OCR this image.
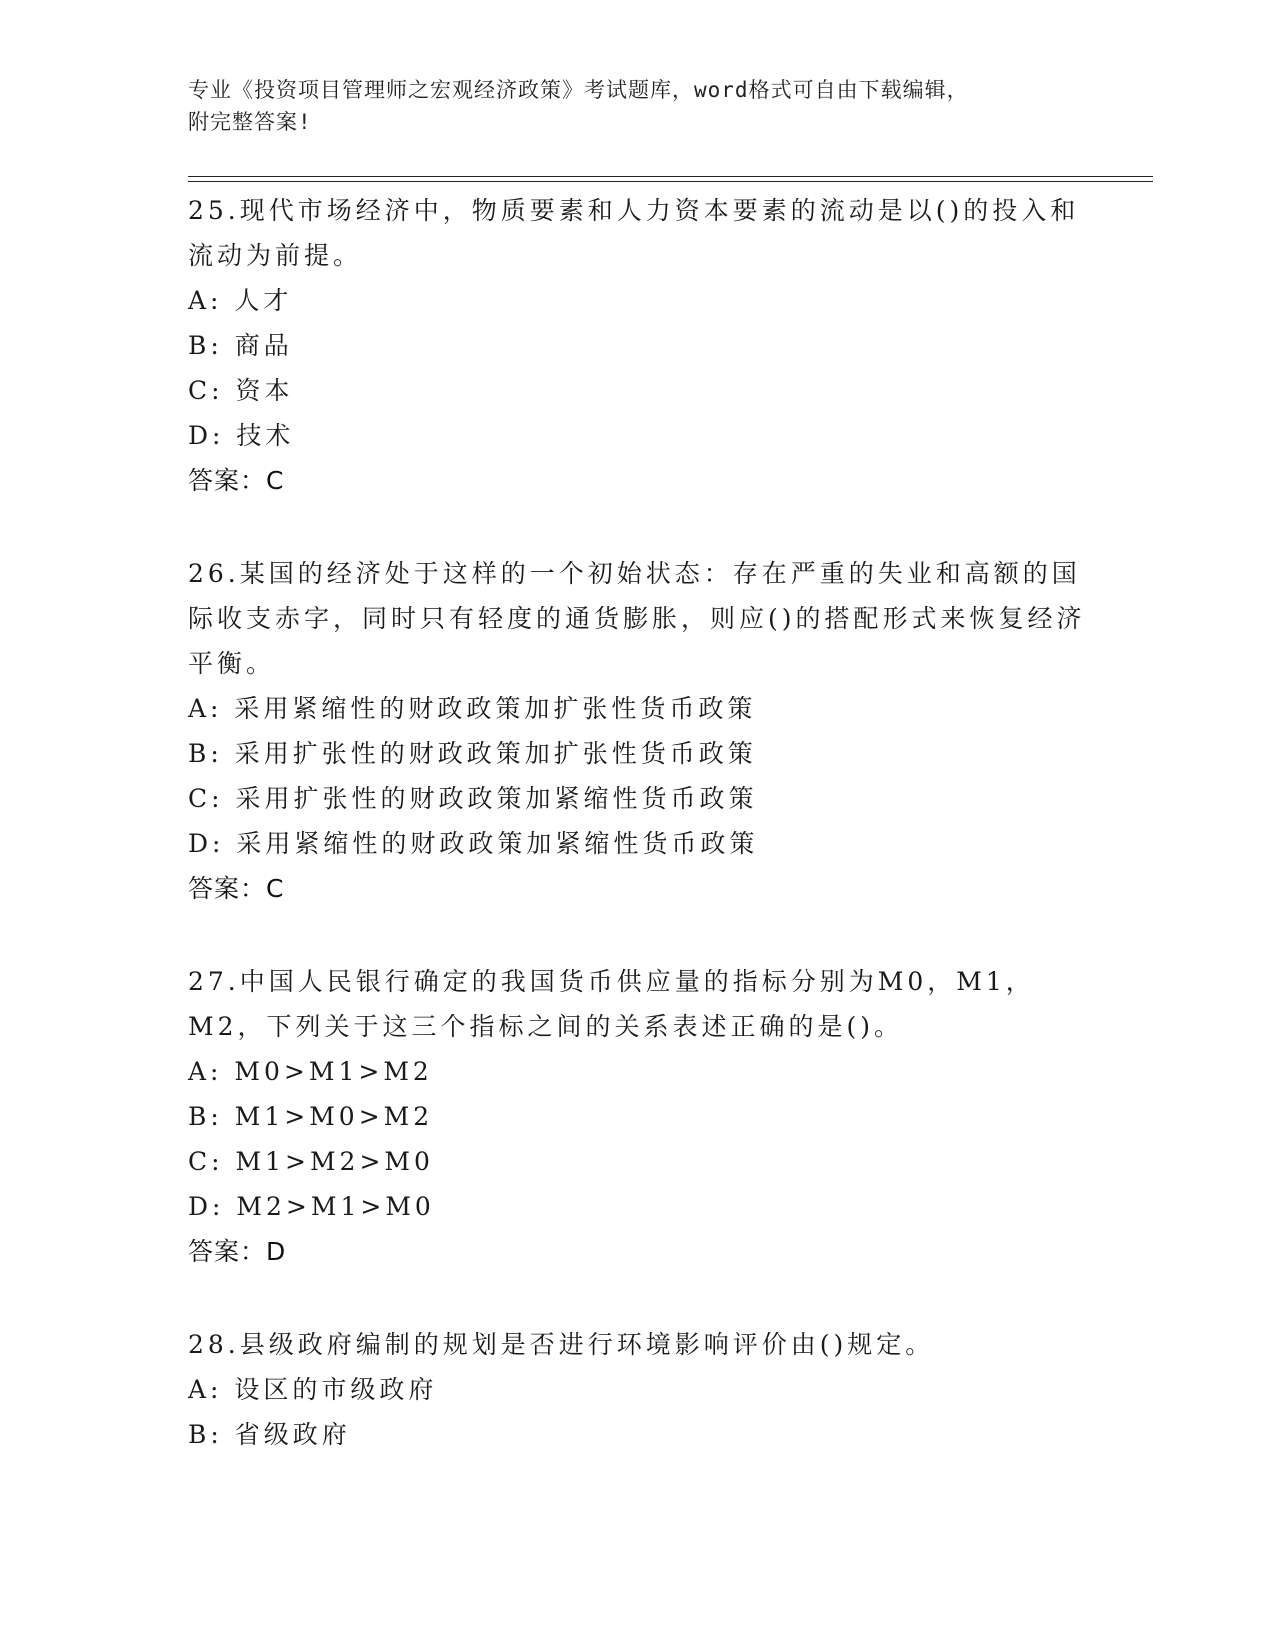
专业《投资项目管理师之宏观经济政策》考试题库，word格式可自由下载编辑，
附完整答案!
25.现代市场经济中，物质要素和人力资本要素的流动是以()的投入和流动为前提。
A: 人才
B: 商品
C: 资本
D: 技术
答案：C
26.某国的经济处于这样的一个初始状态：存在严重的失业和高额的国际收支赤字，同时只有轻度的通货膨胀，则应()的搭配形式来恢复经济平衡。
A: 采用紧缩性的财政政策加扩张性货币政策
B: 采用扩张性的财政政策加扩张性货币政策
C: 采用扩张性的财政政策加紧缩性货币政策
D: 采用紧缩性的财政政策加紧缩性货币政策
答案：C
27.中国人民银行确定的我国货币供应量的指标分别为M0，M1，M2，下列关于这三个指标之间的关系表述正确的是()。
A: M0>M1>M2
B: M1>M0>M2
C: M1>M2>M0
D: M2>M1>M0
答案：D
28.县级政府编制的规划是否进行环境影响评价由()规定。
A: 设区的市级政府
B: 省级政府
